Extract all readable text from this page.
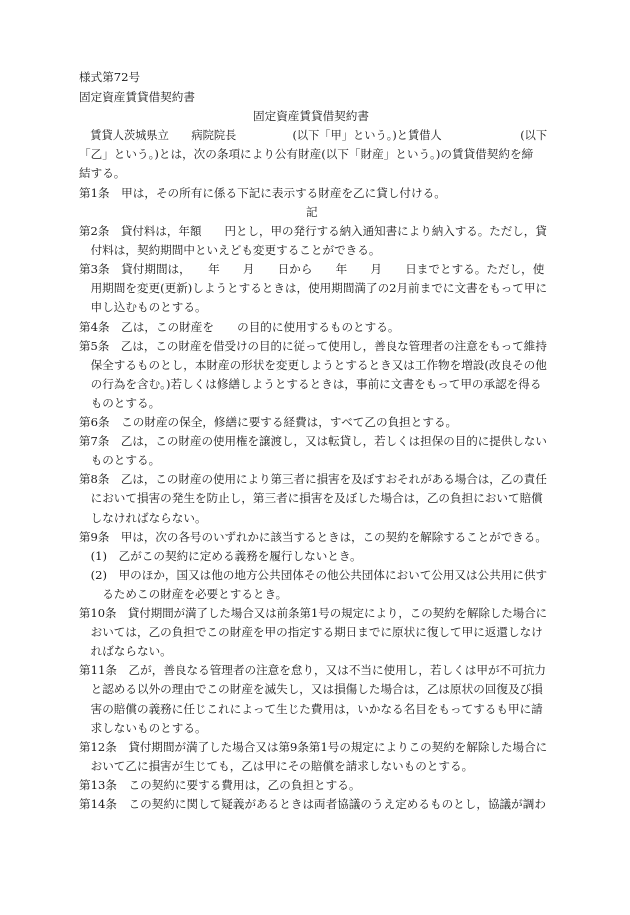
様式第72号
固定資産賃貸借契約書
固定資産賃貸借契約書
　賃貸人茨城県立　　病院院長　　　　　(以下「甲」という。)と賃借人　　　　　　　(以下
「乙」という。)とは，次の条項により公有財産(以下「財産」という。)の賃貸借契約を締
結する。
第1条　甲は，その所有に係る下記に表示する財産を乙に貸し付ける。
記
第2条　貸付料は，年額　　円とし，甲の発行する納入通知書により納入する。ただし，貸
　付料は，契約期間中といえども変更することができる。
第3条　貸付期間は，　　年　　月　　日から　　年　　月　　日までとする。ただし，使
　用期間を変更(更新)しようとするときは，使用期間満了の2月前までに文書をもって甲に
　申し込むものとする。
第4条　乙は，この財産を　　の目的に使用するものとする。
第5条　乙は，この財産を借受けの目的に従って使用し，善良な管理者の注意をもって維持
　保全するものとし，本財産の形状を変更しようとするとき又は工作物を増設(改良その他
　の行為を含む。)若しくは修繕しようとするときは，事前に文書をもって甲の承認を得る
　ものとする。
第6条　この財産の保全，修繕に要する経費は，すべて乙の負担とする。
第7条　乙は，この財産の使用権を譲渡し，又は転貸し，若しくは担保の目的に提供しない
　ものとする。
第8条　乙は，この財産の使用により第三者に損害を及ぼすおそれがある場合は，乙の責任
　において損害の発生を防止し，第三者に損害を及ぼした場合は，乙の負担において賠償
　しなければならない。
第9条　甲は，次の各号のいずれかに該当するときは，この契約を解除することができる。
　(1)　乙がこの契約に定める義務を履行しないとき。
　(2)　甲のほか，国又は他の地方公共団体その他公共団体において公用又は公共用に供す
　　るためこの財産を必要とするとき。
第10条　貸付期間が満了した場合又は前条第1号の規定により，この契約を解除した場合に
　おいては，乙の負担でこの財産を甲の指定する期日までに原状に復して甲に返還しなけ
　ればならない。
第11条　乙が，善良なる管理者の注意を怠り，又は不当に使用し，若しくは甲が不可抗力
　と認める以外の理由でこの財産を滅失し，又は損傷した場合は，乙は原状の回復及び損
　害の賠償の義務に任じこれによって生じた費用は，いかなる名目をもってするも甲に請
　求しないものとする。
第12条　貸付期間が満了した場合又は第9条第1号の規定によりこの契約を解除した場合に
　おいて乙に損害が生じても，乙は甲にその賠償を請求しないものとする。
第13条　この契約に要する費用は，乙の負担とする。
第14条　この契約に関して疑義があるときは両者協議のうえ定めるものとし，協議が調わ
